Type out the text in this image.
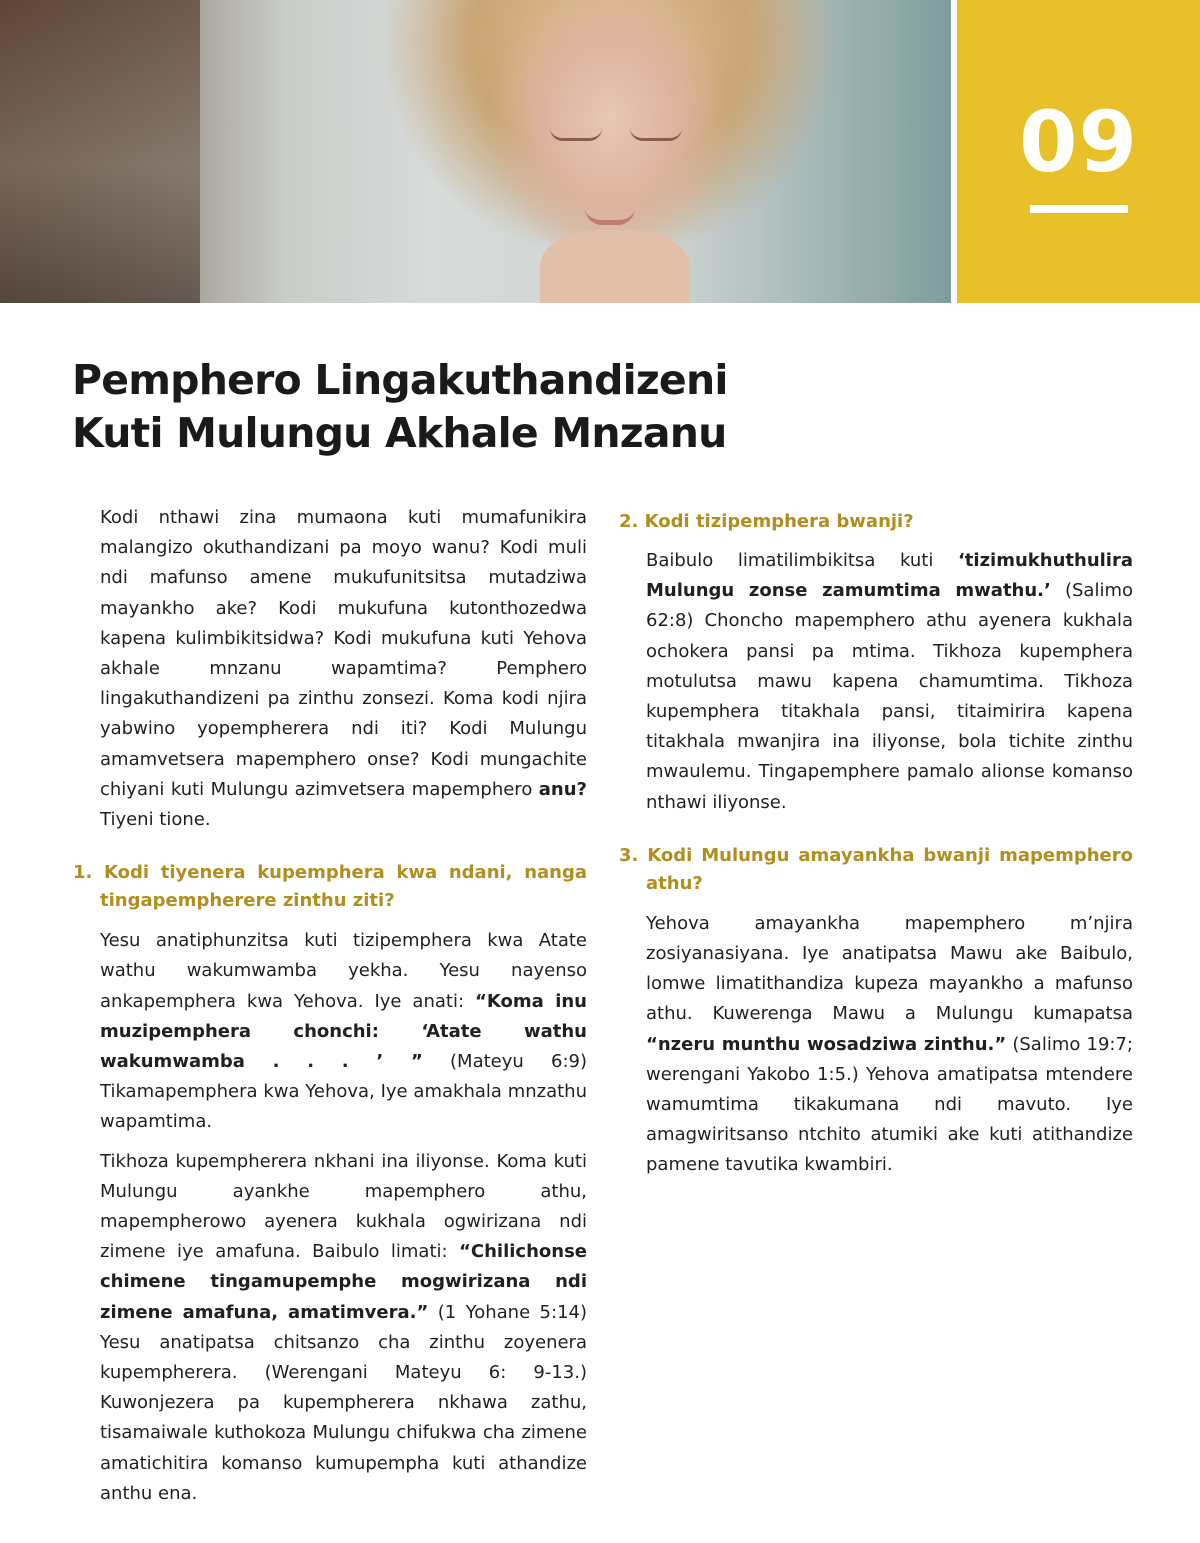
09
Pemphero Lingakuthandizeni
Kuti Mulungu Akhale Mnzanu

Kodi nthawi zina mumaona kuti mumafunikira malangizo okuthandizani pa moyo wanu? Kodi muli ndi mafunso amene mukufunitsitsa mutadziwa mayankho ake? Kodi mukufuna kutonthozedwa kapena kulimbikitsidwa? Kodi mukufuna kuti Yehova akhale mnzanu wapamtima? Pemphero lingakuthandizeni pa zinthu zonsezi. Koma kodi njira yabwino yopempherera ndi iti? Kodi Mulungu amamvetsera mapemphero onse? Kodi mungachite chiyani kuti Mulungu azimvetsera mapemphero anu? Tiyeni tione.

1. Kodi tiyenera kupemphera kwa ndani, nanga tingapempherere zinthu ziti?

Yesu anatiphunzitsa kuti tizipemphera kwa Atate wathu wakumwamba yekha. Yesu nayenso ankapemphera kwa Yehova. Iye anati: “Koma inu muzipemphera chonchi: ‘Atate wathu wakumwamba . . . ’ ” (Mateyu 6:9) Tikamapemphera kwa Yehova, Iye amakhala mnzathu wapamtima.

Tikhoza kupempherera nkhani ina iliyonse. Koma kuti Mulungu ayankhe mapemphero athu, mapempherowo ayenera kukhala ogwirizana ndi zimene iye amafuna. Baibulo limati: “Chilichonse chimene tingamupemphe mogwirizana ndi zimene amafuna, amatimvera.” (1 Yohane 5:14) Yesu anatipatsa chitsanzo cha zinthu zoyenera kupempherera. (Werengani Mateyu 6: 9-13.) Kuwonjezera pa kupempherera nkhawa zathu, tisamaiwale kuthokoza Mulungu chifukwa cha zimene amatichitira komanso kumupempha kuti athandize anthu ena.

2. Kodi tizipemphera bwanji?

Baibulo limatilimbikitsa kuti ‘tizimukhuthulira Mulungu zonse zamumtima mwathu.’ (Salimo 62:8) Choncho mapemphero athu ayenera kukhala ochokera pansi pa mtima. Tikhoza kupemphera motulutsa mawu kapena chamumtima. Tikhoza kupemphera titakhala pansi, titaimirira kapena titakhala mwanjira ina iliyonse, bola tichite zinthu mwaulemu. Tingapemphere pamalo alionse komanso nthawi iliyonse.

3. Kodi Mulungu amayankha bwanji mapemphero athu?

Yehova amayankha mapemphero m’njira zosiyanasiyana. Iye anatipatsa Mawu ake Baibulo, lomwe limatithandiza kupeza mayankho a mafunso athu. Kuwerenga Mawu a Mulungu kumapatsa “nzeru munthu wosadziwa zinthu.” (Salimo 19:7; werengani Yakobo 1:5.) Yehova amatipatsa mtendere wamumtima tikakumana ndi mavuto. Iye amagwiritsanso ntchito atumiki ake kuti atithandize pamene tavutika kwambiri.
